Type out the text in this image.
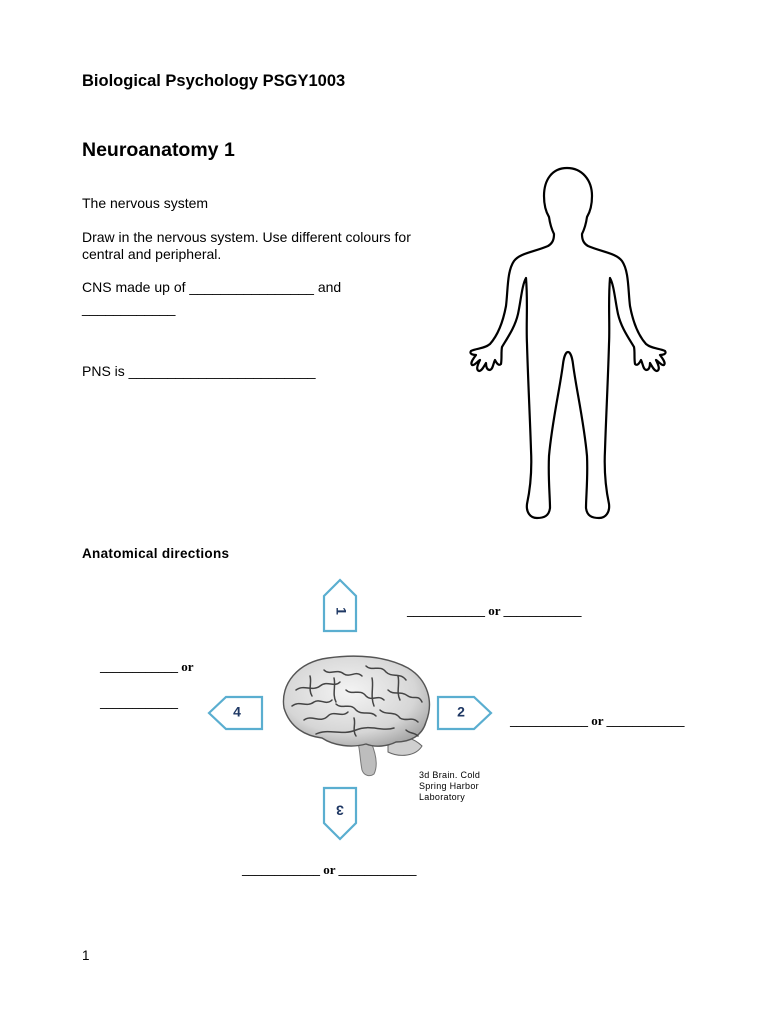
Biological Psychology PSGY1003
Neuroanatomy 1
The nervous system
Draw in the nervous system. Use different colours for
central and peripheral.
CNS made up of ________________ and
____________
PNS is ________________________
Anatomical directions
1
2
3
4
3d Brain. Cold Spring Harbor Laboratory
____________ or ____________
____________ or ____________
____________ or ____________
____________ or
____________
1
